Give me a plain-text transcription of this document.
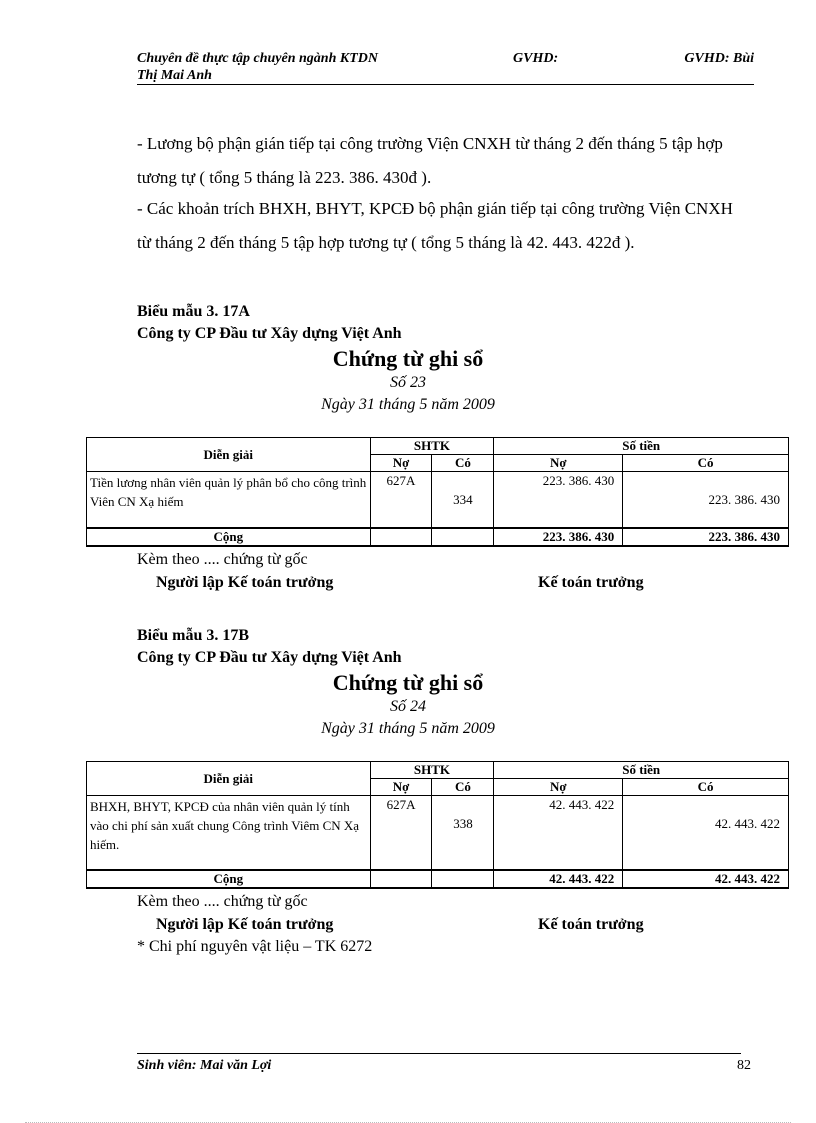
Chuyên đề thực tập chuyên ngành KTDN	GVHD:	GVHD: Bùi
Thị Mai Anh
- Lương bộ phận gián tiếp tại công trường Viện CNXH từ tháng 2 đến tháng 5 tập hợp tương tự ( tổng 5 tháng là 223. 386. 430đ ).
- Các khoản trích BHXH, BHYT, KPCĐ bộ phận gián tiếp tại công trường Viện CNXH từ tháng 2 đến tháng 5 tập hợp tương tự ( tổng 5 tháng là 42. 443. 422đ ).
Biểu mẫu 3. 17A
Công ty CP Đầu tư Xây dựng Việt Anh
Chứng từ ghi sổ
Số 23
Ngày 31 tháng 5 năm 2009
Diễn giải	SHTK		Số tiền	
	Nợ	Có	Nợ	Có
Tiền lương nhân viên quản lý phân bổ cho công trình Viên CN Xạ hiếm	627A	334	223. 386. 430	223. 386. 430
Cộng			223. 386. 430	223. 386. 430
Kèm theo .... chứng từ gốc
Người lập Kế toán trưởng	Kế toán trưởng
Biểu mẫu 3. 17B
Công ty CP Đầu tư Xây dựng Việt Anh
Chứng từ ghi sổ
Số 24
Ngày 31 tháng 5 năm 2009
Diễn giải	SHTK		Số tiền	
	Nợ	Có	Nợ	Có
BHXH, BHYT, KPCĐ của nhân viên quản lý tính vào chi phí sản xuất chung Công trình Viêm CN Xạ hiếm.	627A	338	42. 443. 422	42. 443. 422
Cộng			42. 443. 422	42. 443. 422
Kèm theo .... chứng từ gốc
Người lập Kế toán trưởng	Kế toán trưởng
* Chi phí nguyên vật liệu – TK 6272
Sinh viên: Mai văn Lợi	82
